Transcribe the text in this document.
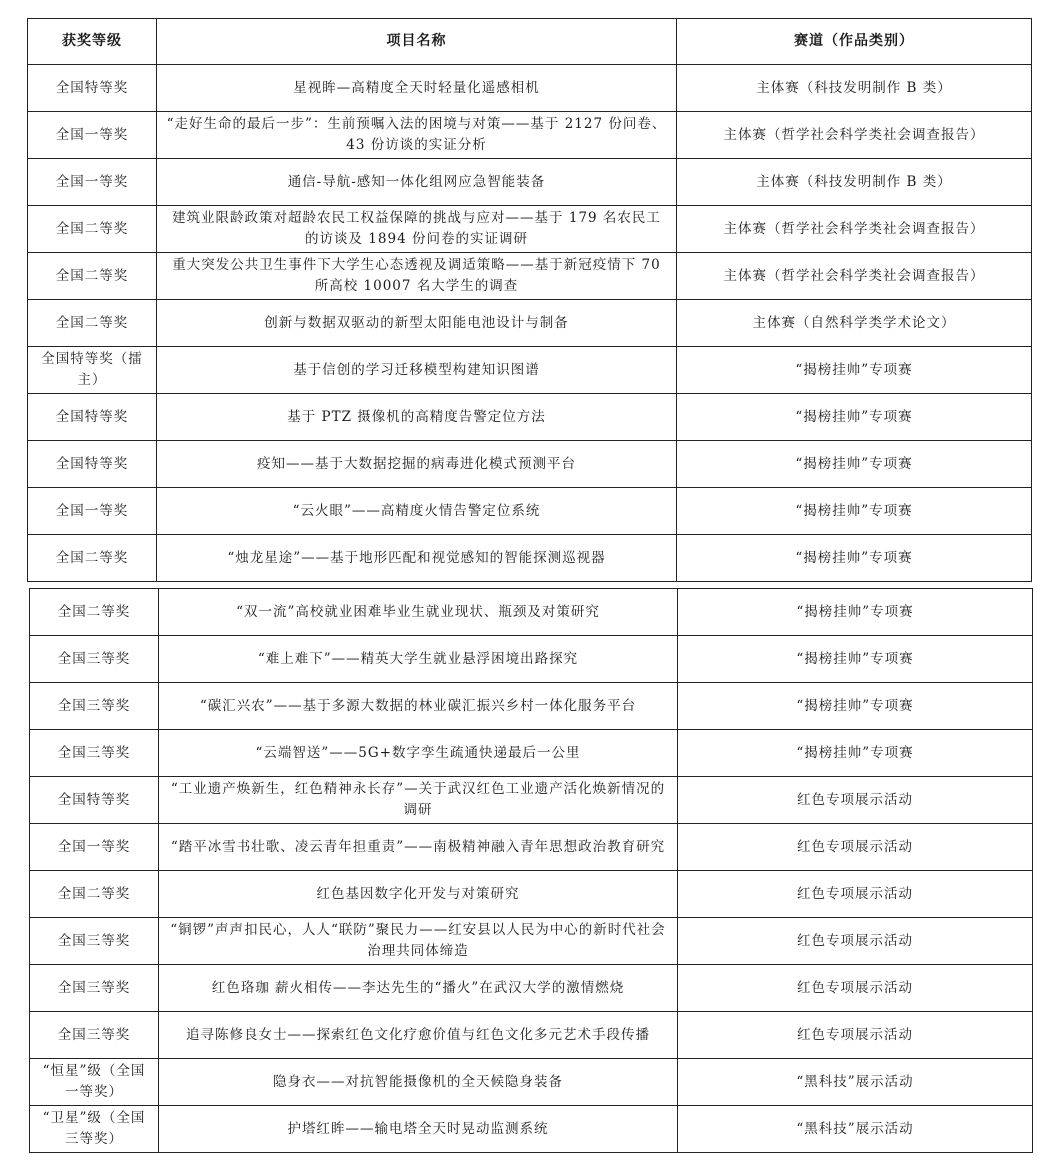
获奖等级	项目名称	赛道（作品类别）
全国特等奖	星视眸—高精度全天时轻量化遥感相机	主体赛（科技发明制作 B 类）
全国一等奖	“走好生命的最后一步”：生前预嘱入法的困境与对策——基于 2127 份问卷、43 份访谈的实证分析	主体赛（哲学社会科学类社会调查报告）
全国一等奖	通信-导航-感知一体化组网应急智能装备	主体赛（科技发明制作 B 类）
全国二等奖	建筑业限龄政策对超龄农民工权益保障的挑战与应对——基于 179 名农民工的访谈及 1894 份问卷的实证调研	主体赛（哲学社会科学类社会调查报告）
全国二等奖	重大突发公共卫生事件下大学生心态透视及调适策略——基于新冠疫情下 70 所高校 10007 名大学生的调查	主体赛（哲学社会科学类社会调查报告）
全国二等奖	创新与数据双驱动的新型太阳能电池设计与制备	主体赛（自然科学类学术论文）
全国特等奖（擂主）	基于信创的学习迁移模型构建知识图谱	“揭榜挂帅”专项赛
全国特等奖	基于 PTZ 摄像机的高精度告警定位方法	“揭榜挂帅”专项赛
全国特等奖	疫知——基于大数据挖掘的病毒进化模式预测平台	“揭榜挂帅”专项赛
全国一等奖	“云火眼”——高精度火情告警定位系统	“揭榜挂帅”专项赛
全国二等奖	“烛龙星途”——基于地形匹配和视觉感知的智能探测巡视器	“揭榜挂帅”专项赛
全国二等奖	“双一流”高校就业困难毕业生就业现状、瓶颈及对策研究	“揭榜挂帅”专项赛
全国三等奖	“难上难下”——精英大学生就业悬浮困境出路探究	“揭榜挂帅”专项赛
全国三等奖	“碳汇兴农”——基于多源大数据的林业碳汇振兴乡村一体化服务平台	“揭榜挂帅”专项赛
全国三等奖	“云端智送”——5G+数字孪生疏通快递最后一公里	“揭榜挂帅”专项赛
全国特等奖	“工业遗产焕新生，红色精神永长存”—关于武汉红色工业遗产活化焕新情况的调研	红色专项展示活动
全国一等奖	“踏平冰雪书壮歌、凌云青年担重责”——南极精神融入青年思想政治教育研究	红色专项展示活动
全国二等奖	红色基因数字化开发与对策研究	红色专项展示活动
全国三等奖	“铜锣”声声扣民心，人人“联防”聚民力——红安县以人民为中心的新时代社会治理共同体缔造	红色专项展示活动
全国三等奖	红色珞珈 薪火相传——李达先生的“播火”在武汉大学的激情燃烧	红色专项展示活动
全国三等奖	追寻陈修良女士——探索红色文化疗愈价值与红色文化多元艺术手段传播	红色专项展示活动
“恒星”级（全国一等奖）	隐身衣——对抗智能摄像机的全天候隐身装备	“黑科技”展示活动
“卫星”级（全国三等奖）	护塔红眸——输电塔全天时晃动监测系统	“黑科技”展示活动
